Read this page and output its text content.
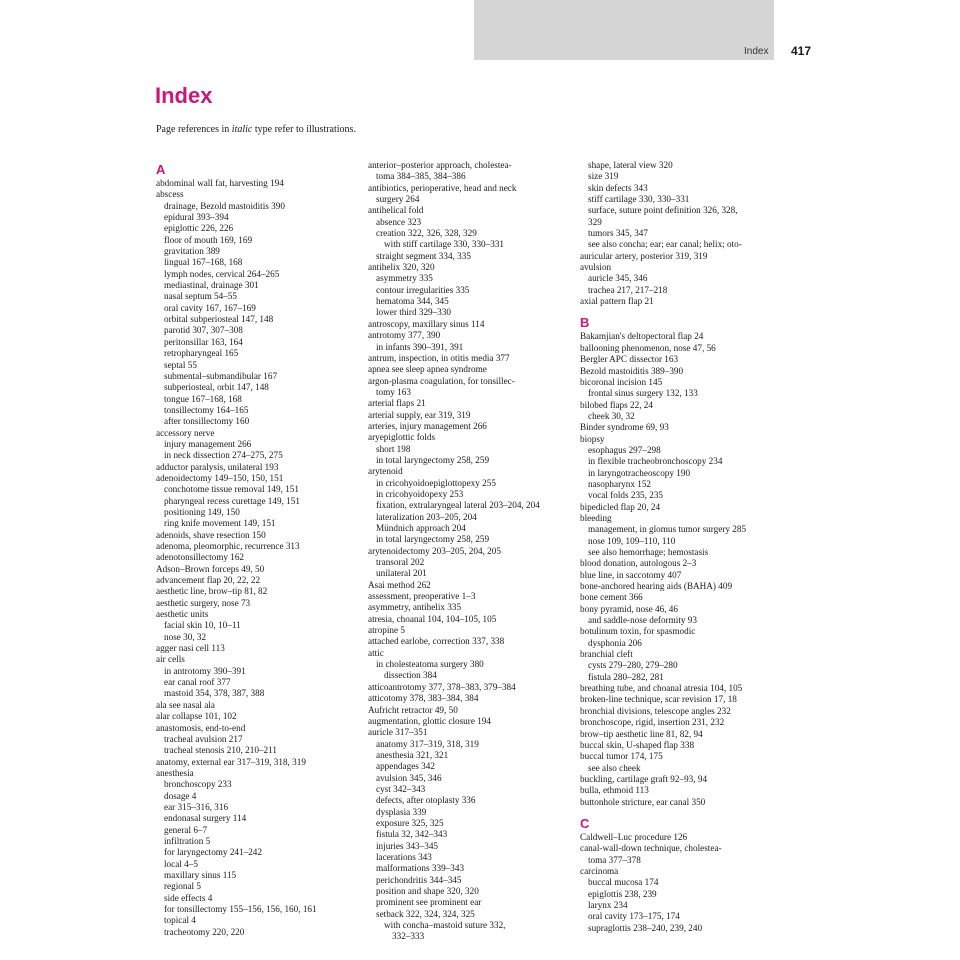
Index 417
Index
Page references in italic type refer to illustrations.
A
abdominal wall fat, harvesting 194
abscess
drainage, Bezold mastoiditis 390
epidural 393–394
epiglottic 226, 226
floor of mouth 169, 169
gravitation 389
lingual 167–168, 168
lymph nodes, cervical 264–265
mediastinal, drainage 301
nasal septum 54–55
oral cavity 167, 167–169
orbital subperiosteal 147, 148
parotid 307, 307–308
peritonsillar 163, 164
retropharyngeal 165
septal 55
submental–submandibular 167
subperiosteal, orbit 147, 148
tongue 167–168, 168
tonsillectomy 164–165
after tonsillectomy 160
accessory nerve
injury management 266
in neck dissection 274–275, 275
adductor paralysis, unilateral 193
adenoidectomy 149–150, 150, 151
conchotome tissue removal 149, 151
pharyngeal recess curettage 149, 151
positioning 149, 150
ring knife movement 149, 151
adenoids, shave resection 150
adenoma, pleomorphic, recurrence 313
adenotonsillectomy 162
Adson–Brown forceps 49, 50
advancement flap 20, 22, 22
aesthetic line, brow–tip 81, 82
aesthetic surgery, nose 73
aesthetic units
facial skin 10, 10–11
nose 30, 32
agger nasi cell 113
air cells
in antrotomy 390–391
ear canal roof 377
mastoid 354, 378, 387, 388
ala see nasal ala
alar collapse 101, 102
anastomosis, end-to-end
tracheal avulsion 217
tracheal stenosis 210, 210–211
anatomy, external ear 317–319, 318, 319
anesthesia
bronchoscopy 233
dosage 4
ear 315–316, 316
endonasal surgery 114
general 6–7
infiltration 5
for laryngectomy 241–242
local 4–5
maxillary sinus 115
regional 5
side effects 4
for tonsillectomy 155–156, 156, 160, 161
topical 4
tracheotomy 220, 220
anterior–posterior approach, cholestea-
toma 384–385, 384–386
antibiotics, perioperative, head and neck
surgery 264
antihelical fold
absence 323
creation 322, 326, 328, 329
with stiff cartilage 330, 330–331
straight segment 334, 335
antihelix 320, 320
asymmetry 335
contour irregularities 335
hematoma 344, 345
lower third 329–330
antroscopy, maxillary sinus 114
antrotomy 377, 390
in infants 390–391, 391
antrum, inspection, in otitis media 377
apnea see sleep apnea syndrome
argon-plasma coagulation, for tonsillec-
tomy 163
arterial flaps 21
arterial supply, ear 319, 319
arteries, injury management 266
aryepiglottic folds
short 198
in total laryngectomy 258, 259
arytenoid
in cricohyoidoepiglottopexy 255
in cricohyoidopexy 253
fixation, extralaryngeal lateral 203–204, 204
lateralization 203–205, 204
Mündnich approach 204
in total laryngectomy 258, 259
arytenoidectomy 203–205, 204, 205
transoral 202
unilateral 201
Asai method 262
assessment, preoperative 1–3
asymmetry, antihelix 335
atresia, choanal 104, 104–105, 105
atropine 5
attached earlobe, correction 337, 338
attic
in cholesteatoma surgery 380
dissection 384
atticoantrotomy 377, 378–383, 379–384
atticotomy 378, 383–384, 384
Aufricht retractor 49, 50
augmentation, glottic closure 194
auricle 317–351
anatomy 317–319, 318, 319
anesthesia 321, 321
appendages 342
avulsion 345, 346
cyst 342–343
defects, after otoplasty 336
dysplasia 339
exposure 325, 325
fistula 32, 342–343
injuries 343–345
lacerations 343
malformations 339–343
perichondritis 344–345
position and shape 320, 320
prominent see prominent ear
setback 322, 324, 324, 325
with concha–mastoid suture 332,
332–333
shape, lateral view 320
size 319
skin defects 343
stiff cartilage 330, 330–331
surface, suture point definition 326, 328,
329
tumors 345, 347
see also concha; ear; ear canal; helix; oto-
auricular artery, posterior 319, 319
avulsion
auricle 345, 346
trachea 217, 217–218
axial pattern flap 21
B
Bakamjian's deltopectoral flap 24
ballooning phenomenon, nose 47, 56
Bergler APC dissector 163
Bezold mastoiditis 389–390
bicoronal incision 145
frontal sinus surgery 132, 133
bilobed flaps 22, 24
cheek 30, 32
Binder syndrome 69, 93
biopsy
esophagus 297–298
in flexible tracheobronchoscopy 234
in laryngotracheoscopy 190
nasopharynx 152
vocal folds 235, 235
bipedicled flap 20, 24
bleeding
management, in glomus tumor surgery 285
nose 109, 109–110, 110
see also hemorrhage; hemostasis
blood donation, autologous 2–3
blue line, in saccotomy 407
bone-anchored hearing aids (BAHA) 409
bone cement 366
bony pyramid, nose 46, 46
and saddle-nose deformity 93
botulinum toxin, for spasmodic
dysphonia 206
branchial cleft
cysts 279–280, 279–280
fistula 280–282, 281
breathing tube, and choanal atresia 104, 105
broken-line technique, scar revision 17, 18
bronchial divisions, telescope angles 232
bronchoscope, rigid, insertion 231, 232
brow–tip aesthetic line 81, 82, 94
buccal skin, U-shaped flap 338
buccal tumor 174, 175
see also cheek
buckling, cartilage graft 92–93, 94
bulla, ethmoid 113
buttonhole stricture, ear canal 350
C
Caldwell–Luc procedure 126
canal-wall-down technique, cholestea-
toma 377–378
carcinoma
buccal mucosa 174
epiglottis 238, 239
larynx 234
oral cavity 173–175, 174
supraglottis 238–240, 239, 240
